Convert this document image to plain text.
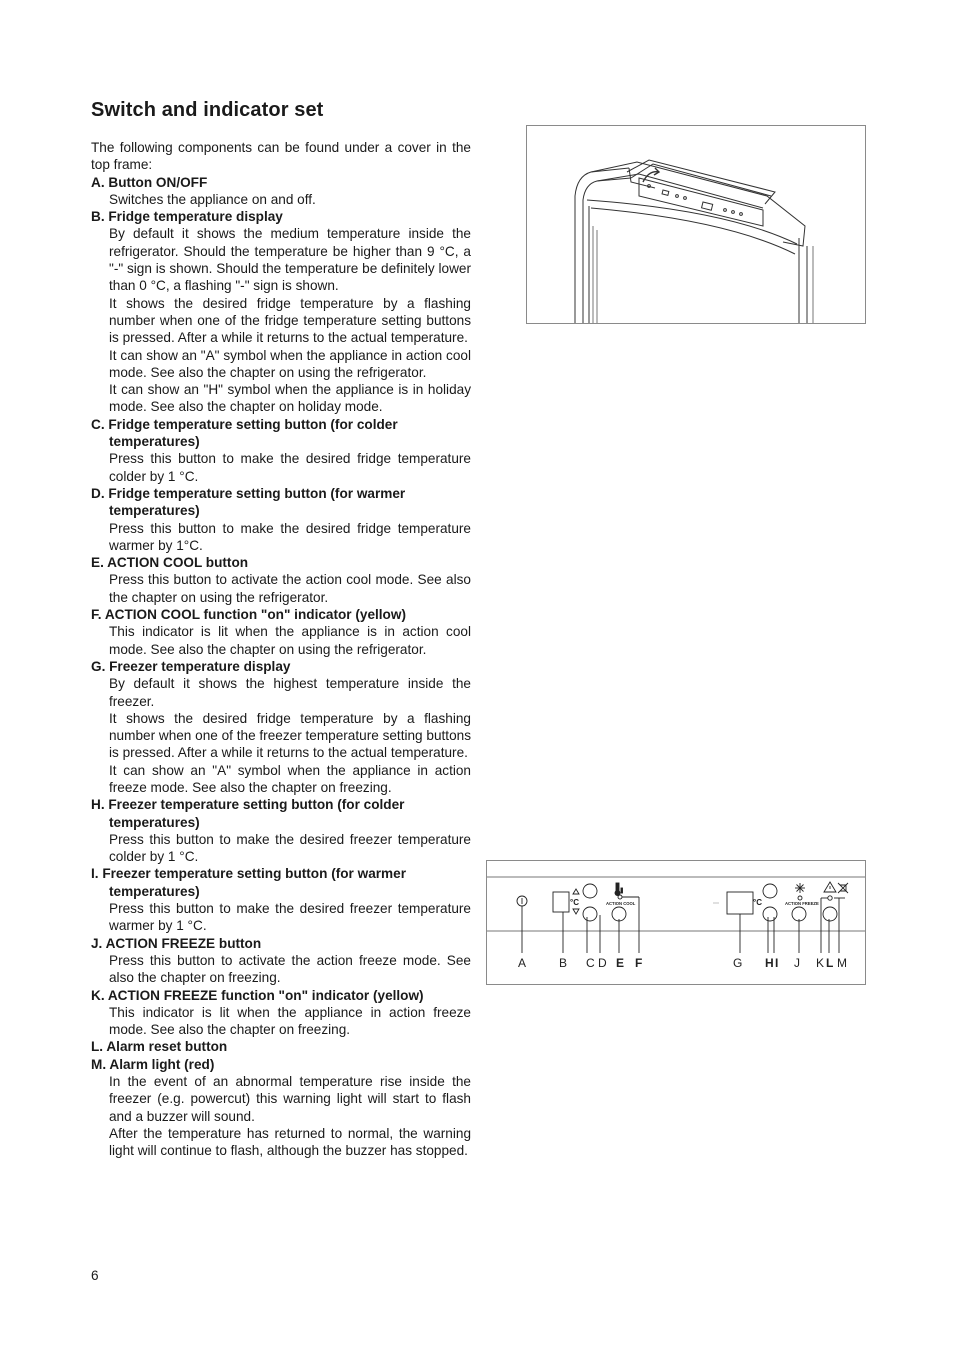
Switch and indicator set

The following components can be found under a cover in the top frame:

A. Button ON/OFF

Switches the appliance on and off.

B. Fridge temperature display

By default it shows the medium temperature inside the refrigerator. Should the temperature be higher than 9 °C, a "-" sign is shown. Should the temperature be definitely lower than 0 °C, a flashing "-" sign is shown.

It shows the desired fridge temperature by a flashing number when one of the fridge temperature setting buttons is pressed. After a while it returns to the actual temperature.

It can show an "A" symbol when the appliance in action cool mode. See also the chapter on using the refrigerator.

It can show an "H" symbol when the appliance is in holiday mode. See also the chapter on holiday mode.

C. Fridge temperature setting button (for colder
temperatures)

Press this button to make the desired fridge temperature colder by 1 °C.

D. Fridge temperature setting button (for warmer
temperatures)

Press this button to make the desired fridge temperature warmer by 1°C.

E. ACTION COOL button

Press this button to activate the action cool mode. See also the chapter on using the refrigerator.

F. ACTION COOL function "on" indicator (yellow)

This indicator is lit when the appliance is in action cool mode. See also the chapter on using the refrigerator.

G. Freezer temperature display

By default it shows the highest temperature inside the freezer.

It shows the desired fridge temperature by a flashing number when one of the freezer temperature setting buttons is pressed. After a while it returns to the actual temperature.

It can show an "A" symbol when the appliance in action freeze mode. See also the chapter on freezing.

H. Freezer temperature setting button (for colder
temperatures)

Press this button to make the desired freezer temperature colder by 1 °C.

I. Freezer temperature setting button (for warmer
temperatures)

Press this button to make the desired freezer temperature warmer by 1 °C.

J. ACTION FREEZE button

Press this button to activate the action freeze mode. See also the chapter on freezing.

K. ACTION FREEZE function "on" indicator (yellow)

This indicator is lit when the appliance in action freeze mode. See also the chapter on freezing.

L. Alarm reset button

M. Alarm light (red)

In the event of an abnormal temperature rise inside the freezer (e.g. powercut) this warning light will start to flash and a buzzer will sound.

After the temperature has returned to normal, the warning light will continue to flash, although the buzzer has stopped.

°C	ACTION COOL	°C	ACTION FREEZE
A	B C D E F	G H I J K L M
6
